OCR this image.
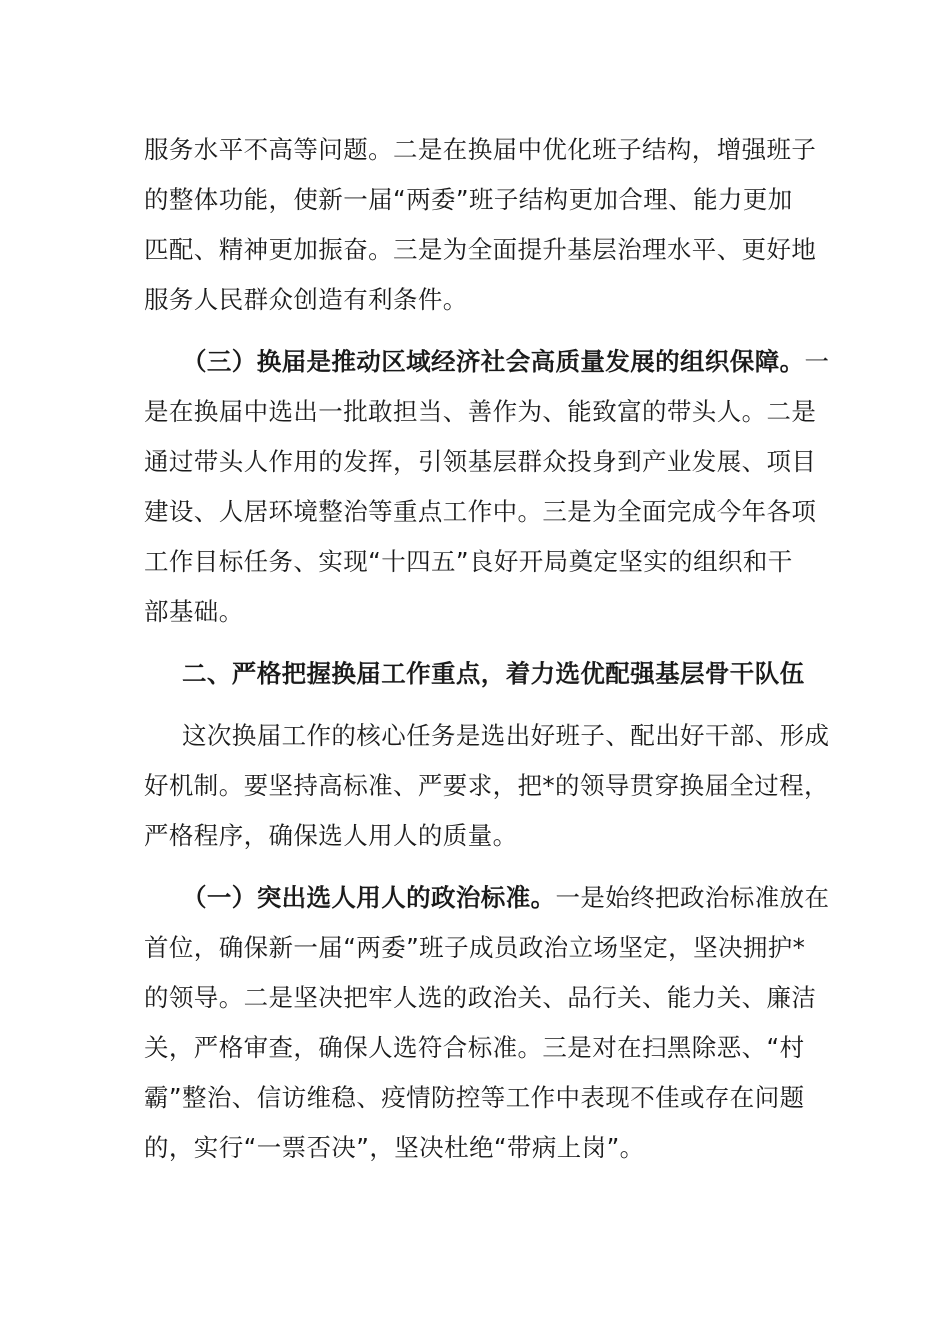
服务水平不高等问题。二是在换届中优化班子结构，增强班子
的整体功能，使新一届“两委”班子结构更加合理、能力更加
匹配、精神更加振奋。三是为全面提升基层治理水平、更好地
服务人民群众创造有利条件。
（三）换届是推动区域经济社会高质量发展的组织保障。一
是在换届中选出一批敢担当、善作为、能致富的带头人。二是
通过带头人作用的发挥，引领基层群众投身到产业发展、项目
建设、人居环境整治等重点工作中。三是为全面完成今年各项
工作目标任务、实现“十四五”良好开局奠定坚实的组织和干
部基础。
二、严格把握换届工作重点，着力选优配强基层骨干队伍
这次换届工作的核心任务是选出好班子、配出好干部、形成
好机制。要坚持高标准、严要求，把*的领导贯穿换届全过程，
严格程序，确保选人用人的质量。
（一）突出选人用人的政治标准。一是始终把政治标准放在
首位，确保新一届“两委”班子成员政治立场坚定，坚决拥护*
的领导。二是坚决把牢人选的政治关、品行关、能力关、廉洁
关，严格审查，确保人选符合标准。三是对在扫黑除恶、“村
霸”整治、信访维稳、疫情防控等工作中表现不佳或存在问题
的，实行“一票否决”，坚决杜绝“带病上岗”。
